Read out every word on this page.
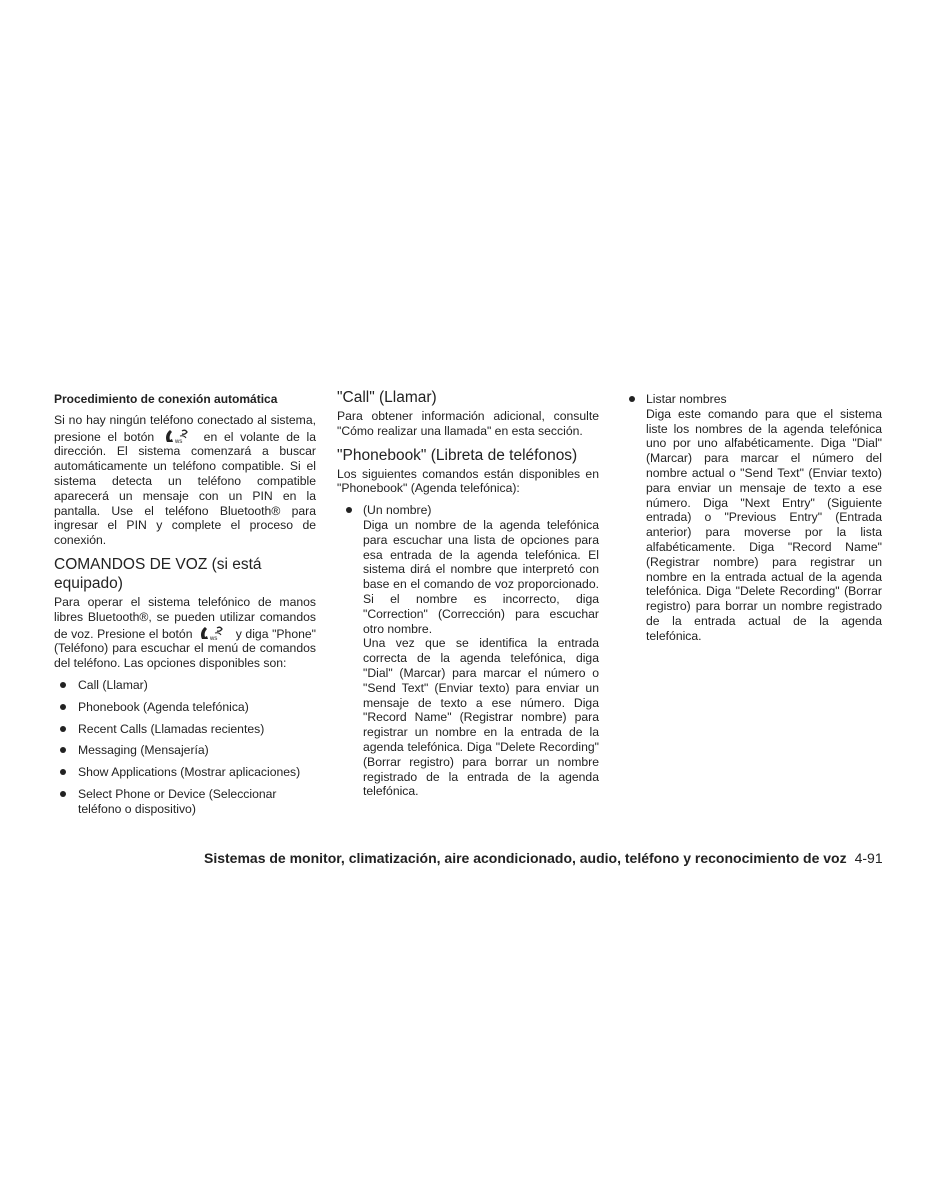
Procedimiento de conexión automática

Si no hay ningún teléfono conectado al sistema, presione el botón	ws en el volante de la dirección. El sistema comenzará a buscar automáticamente un teléfono compatible. Si el sistema detecta un teléfono compatible aparecerá un mensaje con un PIN en la pantalla. Use el teléfono Bluetooth® para ingresar el PIN y complete el proceso de conexión.

COMANDOS DE VOZ (si está equipado)

Para operar el sistema telefónico de manos libres Bluetooth®, se pueden utilizar comandos de voz. Presione el botón	ws y diga "Phone" (Teléfono) para escuchar el menú de comandos del teléfono. Las opciones disponibles son:

Call (Llamar)
Phonebook (Agenda telefónica)
Recent Calls (Llamadas recientes)
Messaging (Mensajería)
Show Applications (Mostrar aplicaciones)
Select Phone or Device (Seleccionar teléfono o dispositivo)
"Call" (Llamar)

Para obtener información adicional, consulte "Cómo realizar una llamada" en esta sección.

"Phonebook" (Libreta de teléfonos)

Los siguientes comandos están disponibles en "Phonebook" (Agenda telefónica):

(Un nombre)
Diga un nombre de la agenda telefónica para escuchar una lista de opciones para esa entrada de la agenda telefónica. El sistema dirá el nombre que interpretó con base en el comando de voz proporcionado. Si el nombre es incorrecto, diga "Correction" (Corrección) para escuchar otro nombre.
Una vez que se identifica la entrada correcta de la agenda telefónica, diga "Dial" (Marcar) para marcar el número o "Send Text" (Enviar texto) para enviar un mensaje de texto a ese número. Diga "Record Name" (Registrar nombre) para registrar un nombre en la entrada de la agenda telefónica. Diga "Delete Recording" (Borrar registro) para borrar un nombre registrado de la entrada de la agenda telefónica.
Listar nombres
Diga este comando para que el sistema liste los nombres de la agenda telefónica uno por uno alfabéticamente. Diga "Dial" (Marcar) para marcar el número del nombre actual o "Send Text" (Enviar texto) para enviar un mensaje de texto a ese número. Diga "Next Entry" (Siguiente entrada) o "Previous Entry" (Entrada anterior) para moverse por la lista alfabéticamente. Diga "Record Name" (Registrar nombre) para registrar un nombre en la entrada actual de la agenda telefónica. Diga "Delete Recording" (Borrar registro) para borrar un nombre registrado de la entrada actual de la agenda telefónica.
Sistemas de monitor, climatización, aire acondicionado, audio, teléfono y reconocimiento de voz 4-91
